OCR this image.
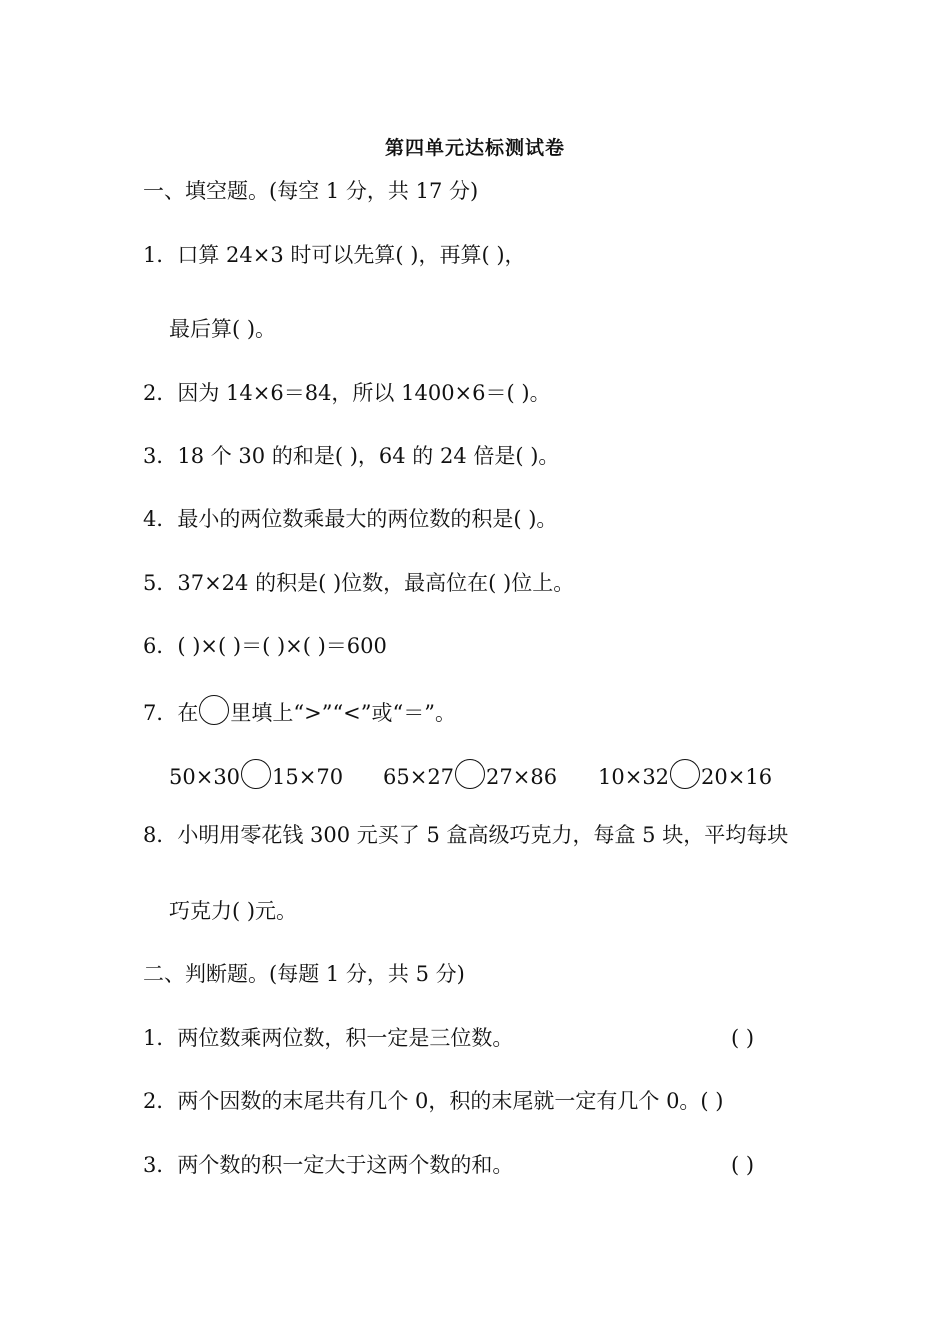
第四单元达标测试卷
一、填空题。(每空 1 分，共 17 分)
1．口算 24×3 时可以先算( )，再算( )，
最后算( )。
2．因为 14×6＝84，所以 1400×6＝( )。
3．18 个 30 的和是( )，64 的 24 倍是( )。
4．最小的两位数乘最大的两位数的积是( )。
5．37×24 的积是( )位数，最高位在( )位上。
6．( )×( )＝( )×( )＝600
7．在 里填上“>”“<”或“＝”。
50×30 15×70 65×27 27×86 10×32 20×16
8．小明用零花钱 300 元买了 5 盒高级巧克力，每盒 5 块，平均每块
巧克力( )元。
二、判断题。(每题 1 分，共 5 分)
1．两位数乘两位数，积一定是三位数。	( )
2．两个因数的末尾共有几个 0，积的末尾就一定有几个 0。( )
3．两个数的积一定大于这两个数的和。	( )
